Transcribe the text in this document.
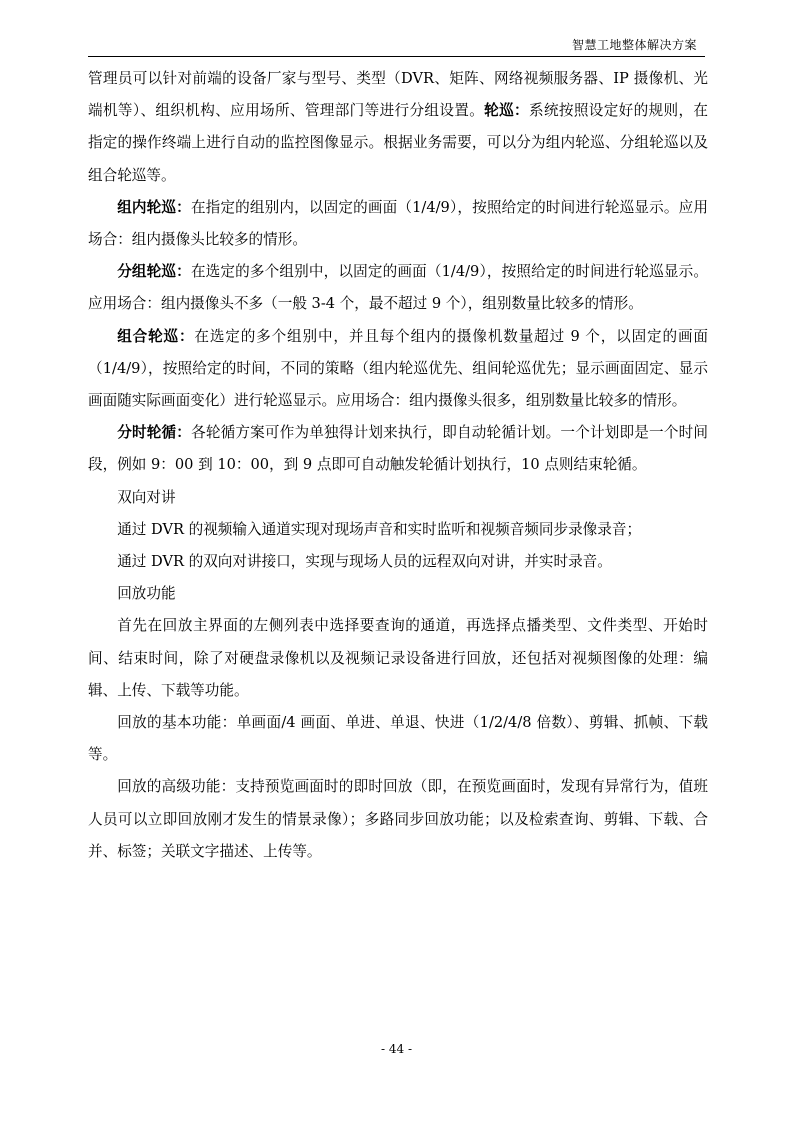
智慧工地整体解决方案

管理员可以针对前端的设备厂家与型号、类型（DVR、矩阵、网络视频服务器、IP 摄像机、光端机等）、组织机构、应用场所、管理部门等进行分组设置。轮巡：系统按照设定好的规则，在指定的操作终端上进行自动的监控图像显示。根据业务需要，可以分为组内轮巡、分组轮巡以及组合轮巡等。

组内轮巡：在指定的组别内，以固定的画面（1/4/9），按照给定的时间进行轮巡显示。应用场合：组内摄像头比较多的情形。

分组轮巡：在选定的多个组别中，以固定的画面（1/4/9），按照给定的时间进行轮巡显示。应用场合：组内摄像头不多（一般 3-4 个，最不超过 9 个），组别数量比较多的情形。

组合轮巡：在选定的多个组别中，并且每个组内的摄像机数量超过 9 个，以固定的画面（1/4/9），按照给定的时间，不同的策略（组内轮巡优先、组间轮巡优先；显示画面固定、显示画面随实际画面变化）进行轮巡显示。应用场合：组内摄像头很多，组别数量比较多的情形。

分时轮循：各轮循方案可作为单独得计划来执行，即自动轮循计划。一个计划即是一个时间段，例如 9：00 到 10：00，到 9 点即可自动触发轮循计划执行，10 点则结束轮循。

双向对讲

通过 DVR 的视频输入通道实现对现场声音和实时监听和视频音频同步录像录音；

通过 DVR 的双向对讲接口，实现与现场人员的远程双向对讲，并实时录音。

回放功能

首先在回放主界面的左侧列表中选择要查询的通道，再选择点播类型、文件类型、开始时间、结束时间，除了对硬盘录像机以及视频记录设备进行回放，还包括对视频图像的处理：编辑、上传、下载等功能。

回放的基本功能：单画面/4 画面、单进、单退、快进（1/2/4/8 倍数）、剪辑、抓帧、下载等。

回放的高级功能：支持预览画面时的即时回放（即，在预览画面时，发现有异常行为，值班人员可以立即回放刚才发生的情景录像）；多路同步回放功能；以及检索查询、剪辑、下载、合并、标签；关联文字描述、上传等。

- 44 -
